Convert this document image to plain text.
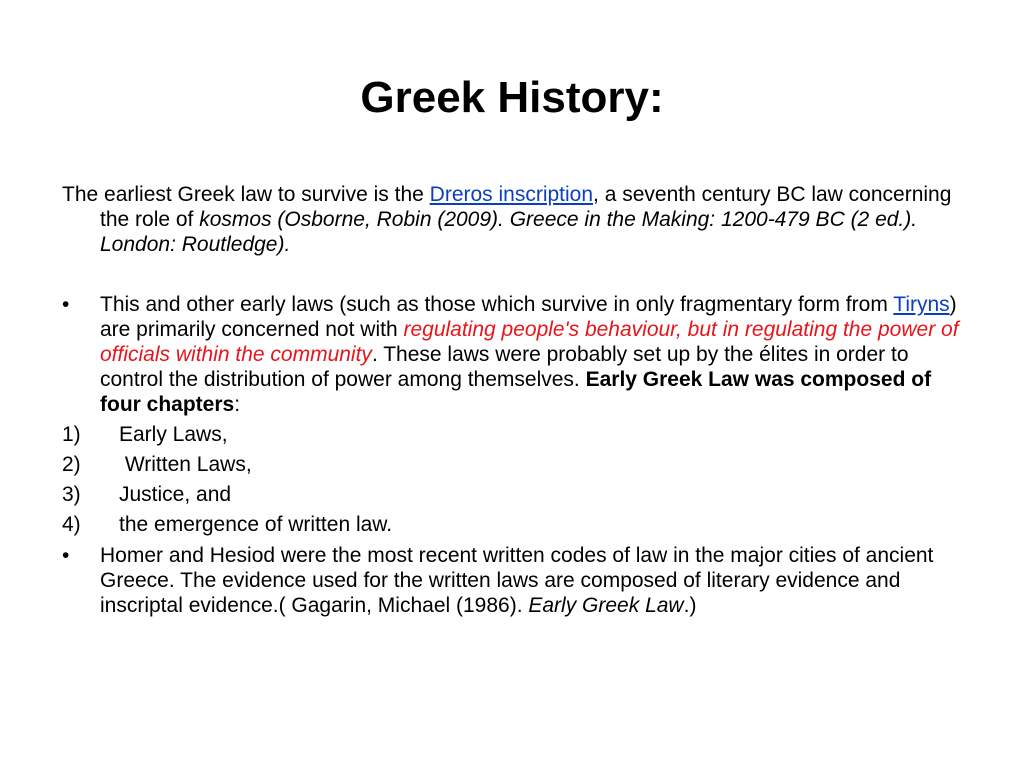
Greek History:
The earliest Greek law to survive is the Dreros inscription, a seventh century BC law concerning the role of kosmos (Osborne, Robin (2009). Greece in the Making: 1200-479 BC (2 ed.). London: Routledge).
•	This and other early laws (such as those which survive in only fragmentary form from Tiryns) are primarily concerned not with regulating people's behaviour, but in regulating the power of officials within the community. These laws were probably set up by the élites in order to control the distribution of power among themselves. Early Greek Law was composed of four chapters:
1)	Early Laws,
2)	Written Laws,
3)	Justice, and
4)	the emergence of written law.
•	Homer and Hesiod were the most recent written codes of law in the major cities of ancient Greece. The evidence used for the written laws are composed of literary evidence and inscriptal evidence.( Gagarin, Michael (1986). Early Greek Law.)
